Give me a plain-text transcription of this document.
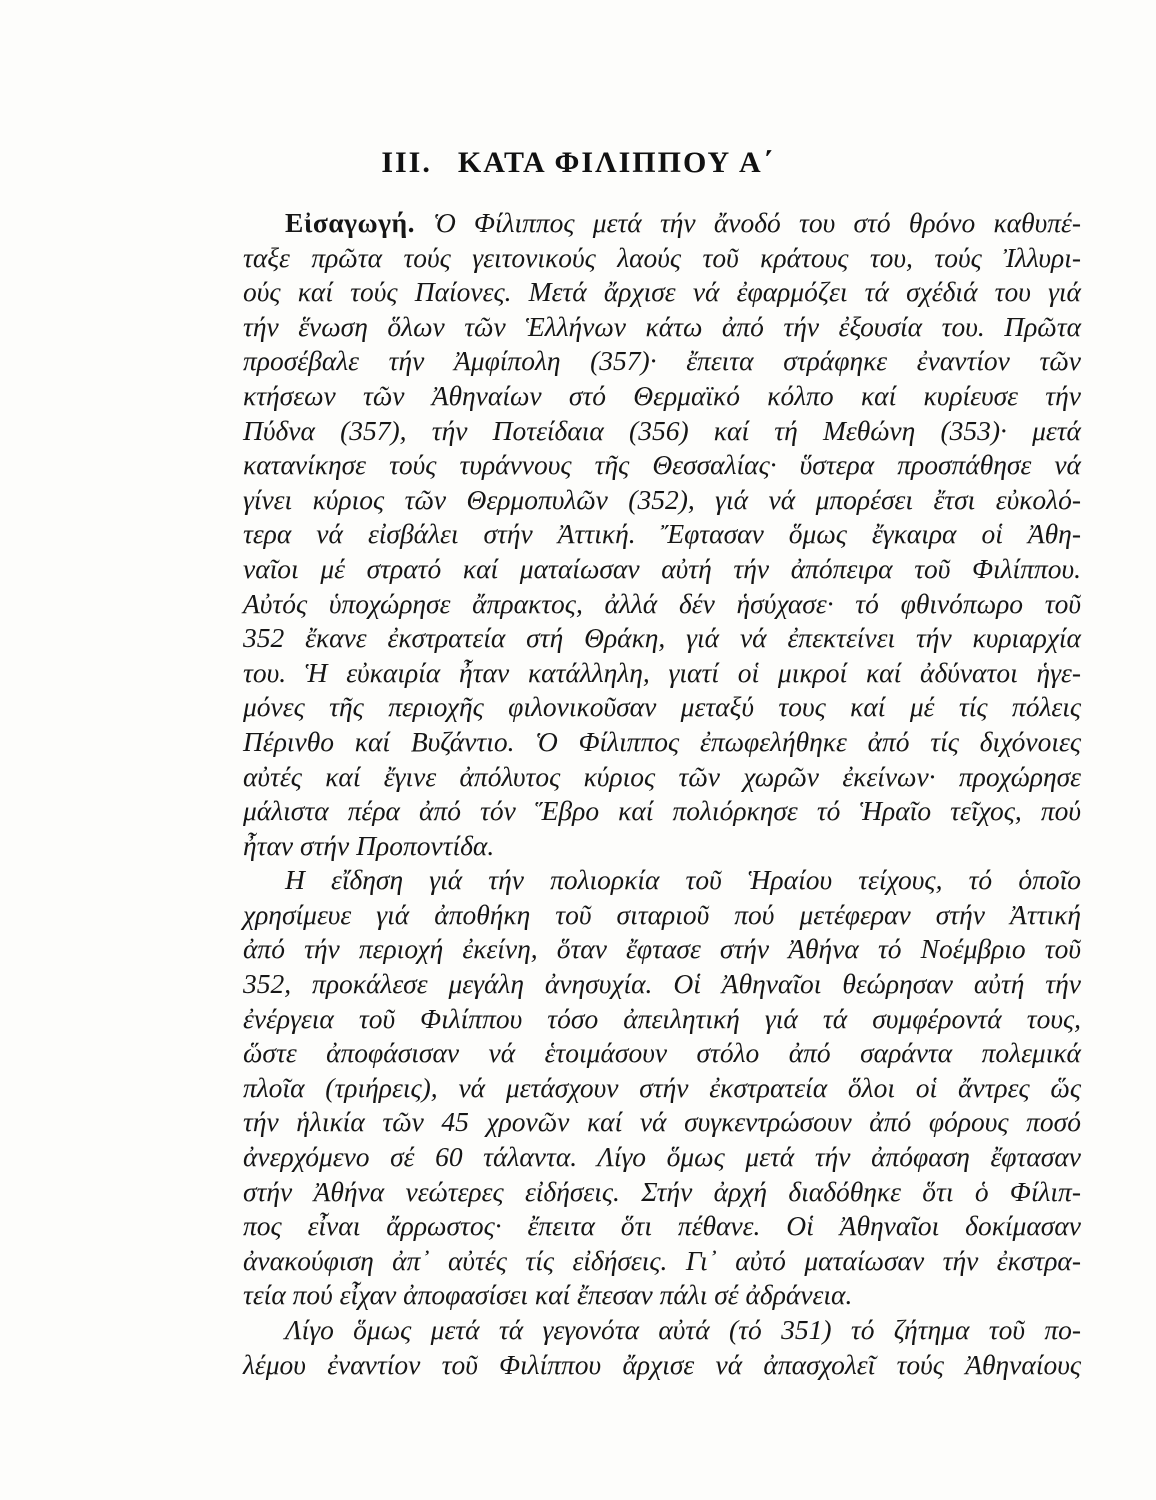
III. ΚΑΤΑ ΦΙΛΙΠΠΟΥ Α΄
Εἰσαγωγή. Ὁ Φίλιππος μετά τήν ἄνοδό του στό θρόνο καθυπέ-
ταξε πρῶτα τούς γειτονικούς λαούς τοῦ κράτους του, τούς Ἰλλυρι-
ούς καί τούς Παίονες. Μετά ἄρχισε νά ἐφαρμόζει τά σχέδιά του γιά
τήν ἕνωση ὅλων τῶν Ἑλλήνων κάτω ἀπό τήν ἐξουσία του. Πρῶτα
προσέβαλε τήν Ἀμφίπολη (357)· ἔπειτα στράφηκε ἐναντίον τῶν
κτήσεων τῶν Ἀθηναίων στό Θερμαϊκό κόλπο καί κυρίευσε τήν
Πύδνα (357), τήν Ποτείδαια (356) καί τή Μεθώνη (353)· μετά
κατανίκησε τούς τυράννους τῆς Θεσσαλίας· ὕστερα προσπάθησε νά
γίνει κύριος τῶν Θερμοπυλῶν (352), γιά νά μπορέσει ἔτσι εὐκολό-
τερα νά εἰσβάλει στήν Ἀττική. Ἔφτασαν ὅμως ἔγκαιρα οἱ Ἀθη-
ναῖοι μέ στρατό καί ματαίωσαν αὐτή τήν ἀπόπειρα τοῦ Φιλίππου.
Αὐτός ὑποχώρησε ἄπρακτος, ἀλλά δέν ἡσύχασε· τό φθινόπωρο τοῦ
352 ἔκανε ἐκστρατεία στή Θράκη, γιά νά ἐπεκτείνει τήν κυριαρχία
του. Ἡ εὐκαιρία ἦταν κατάλληλη, γιατί οἱ μικροί καί ἀδύνατοι ἡγε-
μόνες τῆς περιοχῆς φιλονικοῦσαν μεταξύ τους καί μέ τίς πόλεις
Πέρινθο καί Βυζάντιο. Ὁ Φίλιππος ἐπωφελήθηκε ἀπό τίς διχόνοιες
αὐτές καί ἔγινε ἀπόλυτος κύριος τῶν χωρῶν ἐκείνων· προχώρησε
μάλιστα πέρα ἀπό τόν Ἕβρο καί πολιόρκησε τό Ἡραῖο τεῖχος, πού
ἦταν στήν Προποντίδα.
Η εἴδηση γιά τήν πολιορκία τοῦ Ἡραίου τείχους, τό ὁποῖο
χρησίμευε γιά ἀποθήκη τοῦ σιταριοῦ πού μετέφεραν στήν Ἀττική
ἀπό τήν περιοχή ἐκείνη, ὅταν ἔφτασε στήν Ἀθήνα τό Νοέμβριο τοῦ
352, προκάλεσε μεγάλη ἀνησυχία. Οἱ Ἀθηναῖοι θεώρησαν αὐτή τήν
ἐνέργεια τοῦ Φιλίππου τόσο ἀπειλητική γιά τά συμφέροντά τους,
ὥστε ἀποφάσισαν νά ἑτοιμάσουν στόλο ἀπό σαράντα πολεμικά
πλοῖα (τριήρεις), νά μετάσχουν στήν ἐκστρατεία ὅλοι οἱ ἄντρες ὥς
τήν ἡλικία τῶν 45 χρονῶν καί νά συγκεντρώσουν ἀπό φόρους ποσό
ἀνερχόμενο σέ 60 τάλαντα. Λίγο ὅμως μετά τήν ἀπόφαση ἔφτασαν
στήν Ἀθήνα νεώτερες εἰδήσεις. Στήν ἀρχή διαδόθηκε ὅτι ὁ Φίλιπ-
πος εἶναι ἄρρωστος· ἔπειτα ὅτι πέθανε. Οἱ Ἀθηναῖοι δοκίμασαν
ἀνακούφιση ἀπ᾽ αὐτές τίς εἰδήσεις. Γι᾽ αὐτό ματαίωσαν τήν ἐκστρα-
τεία πού εἶχαν ἀποφασίσει καί ἔπεσαν πάλι σέ ἀδράνεια.
Λίγο ὅμως μετά τά γεγονότα αὐτά (τό 351) τό ζήτημα τοῦ πο-
λέμου ἐναντίον τοῦ Φιλίππου ἄρχισε νά ἀπασχολεῖ τούς Ἀθηναίους
